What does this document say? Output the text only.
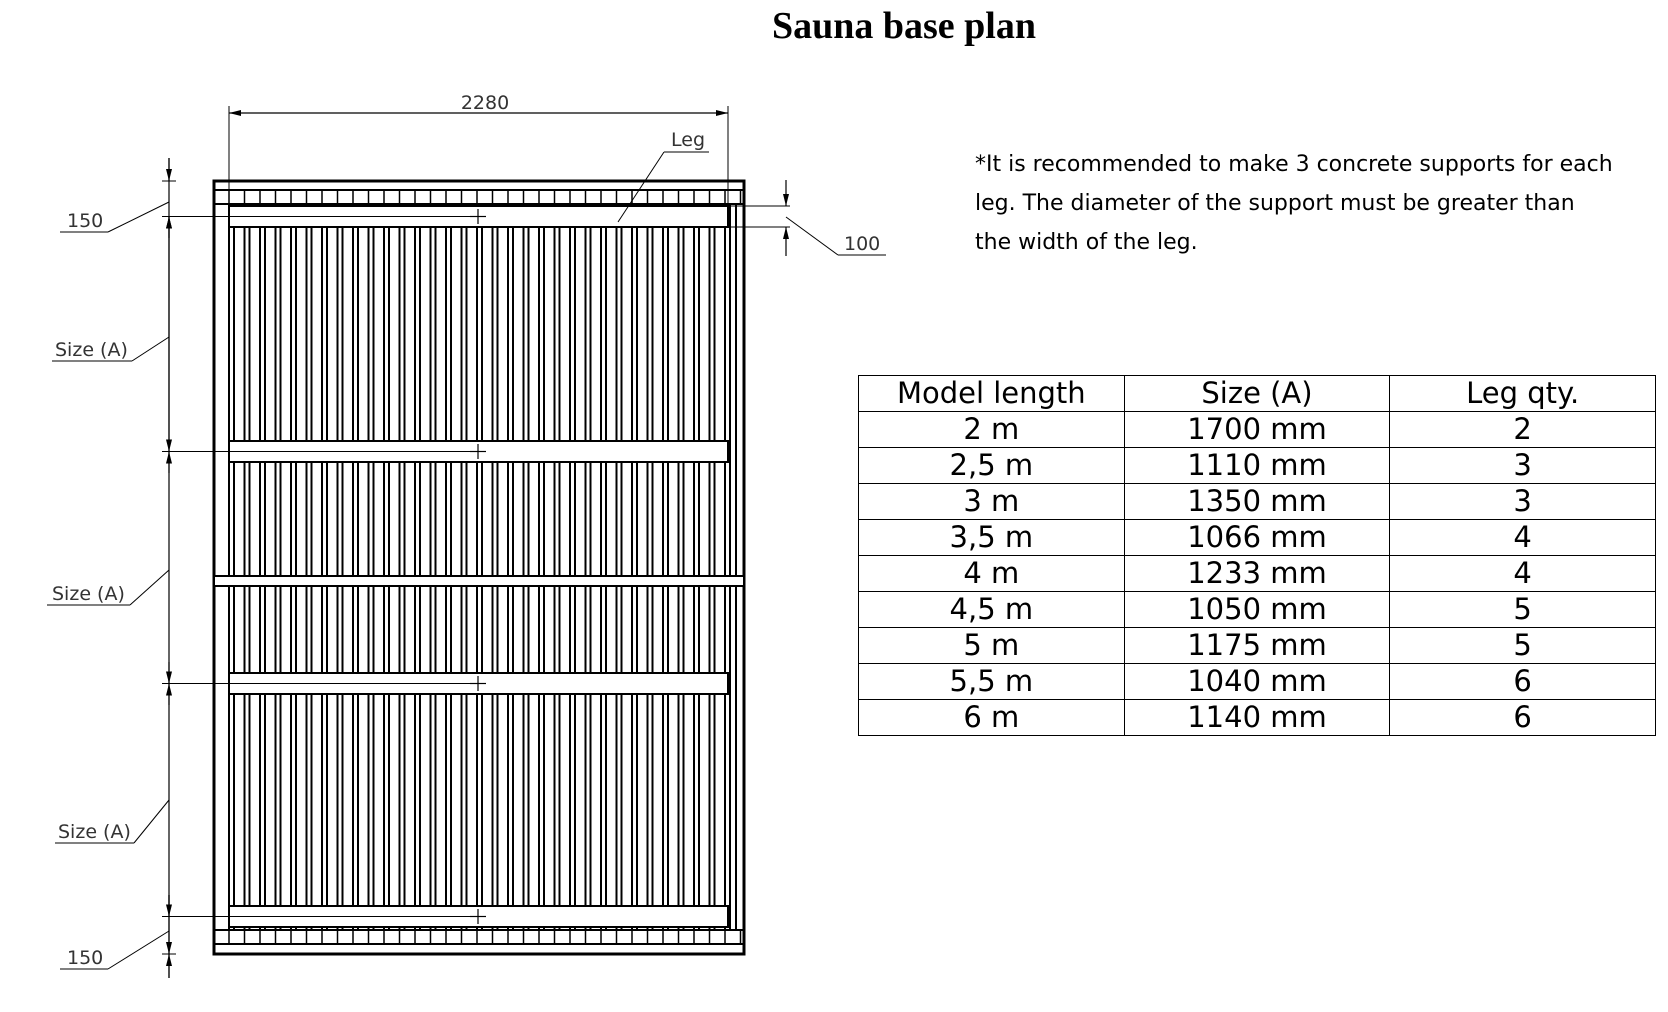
Sauna base plan
2280
Leg
100
150
150
Size (A)
Size (A)
Size (A)
*It is recommended to make 3 concrete supports for each leg. The diameter of the support must be greater than the width of the leg.
Model length	Size (A)	Leg qty.
2 m	1700 mm	2
2,5 m	1110 mm	3
3 m	1350 mm	3
3,5 m	1066 mm	4
4 m	1233 mm	4
4,5 m	1050 mm	5
5 m	1175 mm	5
5,5 m	1040 mm	6
6 m	1140 mm	6
